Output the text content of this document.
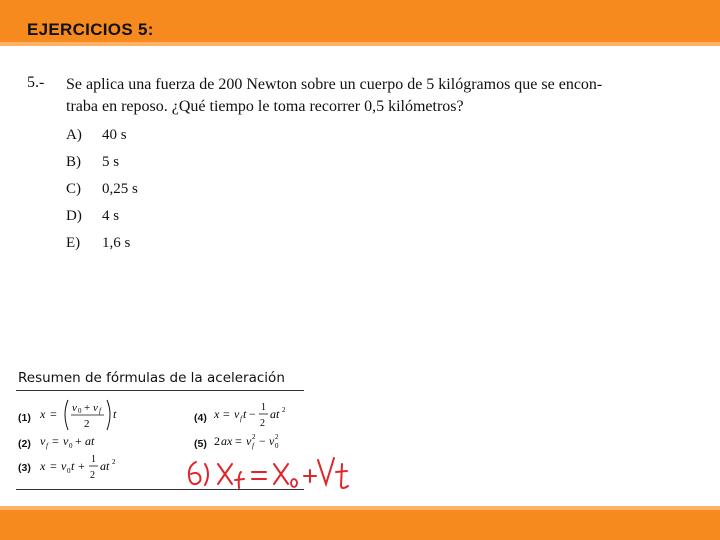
EJERCICIOS 5:
5.- Se aplica una fuerza de 200 Newton sobre un cuerpo de 5 kilógramos que se encon-
traba en reposo. ¿Qué tiempo le toma recorrer 0,5 kilómetros?
A) 40 s
B) 5 s
C) 0,25 s
D) 4 s
E) 1,6 s
Resumen de fórmulas de la aceleración
(1) x = v 0 + v f
2
t	(4) x = v f t − 1
2
at 2
(2) v f = v 0 + at	(5) 2 ax = v 2
f − v 2
0
(3) x = v 0 t + 1
2
at 2
